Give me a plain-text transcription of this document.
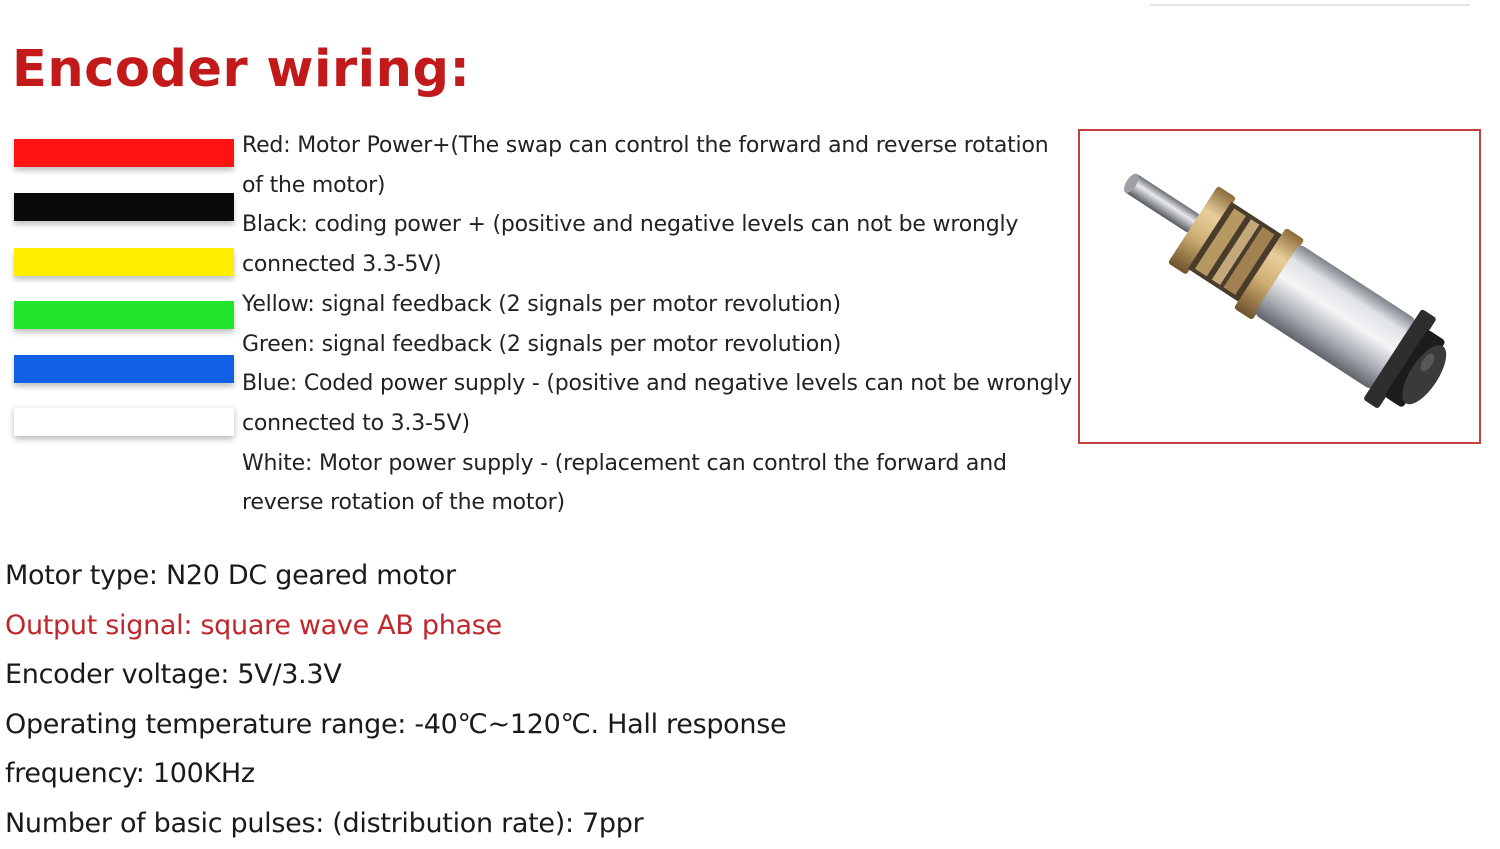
Encoder wiring:
Red: Motor Power+(The swap can control the forward and reverse rotation
of the motor)
Black: coding power + (positive and negative levels can not be wrongly
connected 3.3-5V)
Yellow: signal feedback (2 signals per motor revolution)
Green: signal feedback (2 signals per motor revolution)
Blue: Coded power supply - (positive and negative levels can not be wrongly
connected to 3.3-5V)
White: Motor power supply - (replacement can control the forward and
reverse rotation of the motor)
Motor type: N20 DC geared motor
Output signal: square wave AB phase
Encoder voltage: 5V/3.3V
Operating temperature range: -40℃~120℃. Hall response
frequency: 100KHz
Number of basic pulses: (distribution rate): 7ppr
